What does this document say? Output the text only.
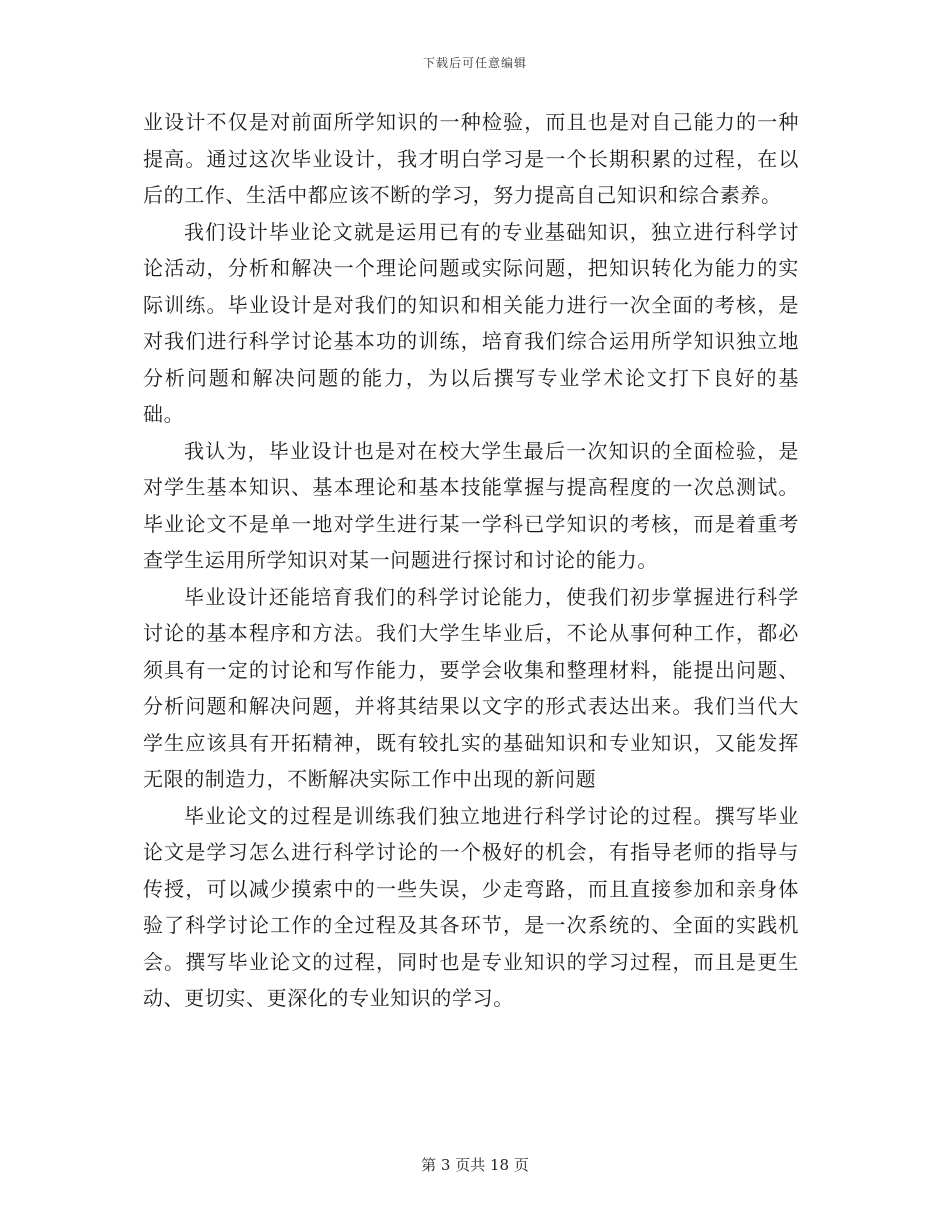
下载后可任意编辑

业设计不仅是对前面所学知识的一种检验，而且也是对自己能力的一种提高。通过这次毕业设计，我才明白学习是一个长期积累的过程，在以后的工作、生活中都应该不断的学习，努力提高自己知识和综合素养。

我们设计毕业论文就是运用已有的专业基础知识，独立进行科学讨论活动，分析和解决一个理论问题或实际问题，把知识转化为能力的实际训练。毕业设计是对我们的知识和相关能力进行一次全面的考核，是对我们进行科学讨论基本功的训练，培育我们综合运用所学知识独立地分析问题和解决问题的能力，为以后撰写专业学术论文打下良好的基础。

我认为，毕业设计也是对在校大学生最后一次知识的全面检验，是对学生基本知识、基本理论和基本技能掌握与提高程度的一次总测试。毕业论文不是单一地对学生进行某一学科已学知识的考核，而是着重考查学生运用所学知识对某一问题进行探讨和讨论的能力。

毕业设计还能培育我们的科学讨论能力，使我们初步掌握进行科学讨论的基本程序和方法。我们大学生毕业后，不论从事何种工作，都必须具有一定的讨论和写作能力，要学会收集和整理材料，能提出问题、分析问题和解决问题，并将其结果以文字的形式表达出来。我们当代大学生应该具有开拓精神，既有较扎实的基础知识和专业知识，又能发挥无限的制造力，不断解决实际工作中出现的新问题

毕业论文的过程是训练我们独立地进行科学讨论的过程。撰写毕业论文是学习怎么进行科学讨论的一个极好的机会，有指导老师的指导与传授，可以减少摸索中的一些失误，少走弯路，而且直接参加和亲身体验了科学讨论工作的全过程及其各环节，是一次系统的、全面的实践机会。撰写毕业论文的过程，同时也是专业知识的学习过程，而且是更生动、更切实、更深化的专业知识的学习。

第 3 页共 18 页
